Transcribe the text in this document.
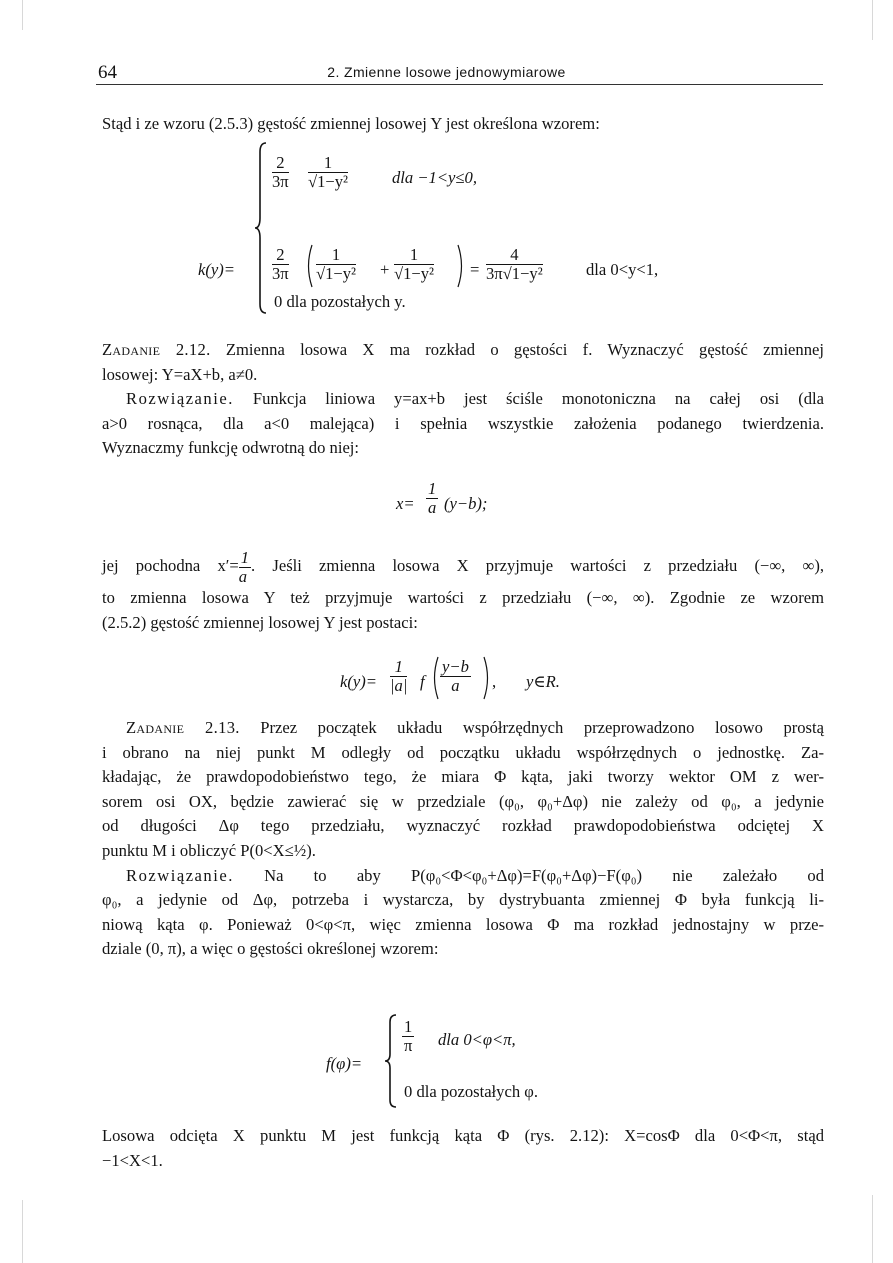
64	2. Zmienne losowe jednowymiarowe
Stąd i ze wzoru (2.5.3) gęstość zmiennej losowej Y jest określona wzorem:
k(y)=
$\frac{2}{3\pi} \frac{1}{\text{√1−y²}}$	dla −1<y≤0,
$\frac{2}{3\pi} \frac{1}{\text{√1−y²}} + \frac{1}{\text{√1−y²}} = \frac{4}{\text{3π√1−y²}}$	dla 0<y<1,
0 dla pozostałych y.
Zadanie 2.12. Zmienna losowa X ma rozkład o gęstości f. Wyznaczyć gęstość zmiennej
losowej: Y=aX+b, a≠0.
Rozwiązanie. Funkcja liniowa y=ax+b jest ściśle monotoniczna na całej osi (dla
a>0 rosnąca, dla a<0 malejąca) i spełnia wszystkie założenia podanego twierdzenia.
Wyznaczmy funkcję odwrotną do niej:
$x= \frac{1}{a} (y-b)$;
jej pochodna $x'= \frac{1}{a}$ . Jeśli zmienna losowa X przyjmuje wartości z przedziału (−∞, ∞),
to zmienna losowa Y też przyjmuje wartości z przedziału (−∞, ∞). Zgodnie ze wzorem
(2.5.2) gęstość zmiennej losowej Y jest postaci:
$k(y)= \frac{1}{|a|}$ f $\frac{y-b}{a}$ , y∈R.
Zadanie 2.13. Przez początek układu współrzędnych przeprowadzono losowo prostą
i obrano na niej punkt M odległy od początku układu współrzędnych o jednostkę. Za-
kładając, że prawdopodobieństwo tego, że miara Φ kąta, jaki tworzy wektor OM z wer-
sorem osi OX, będzie zawierać się w przedziale (φ₀, φ₀+Δφ) nie zależy od φ₀, a jedynie
od długości Δφ tego przedziału, wyznaczyć rozkład prawdopodobieństwa odciętej X
punktu M i obliczyć P(0<X≤½).
Rozwiązanie. Na to aby P(φ₀<Φ<φ₀+Δφ)=F(φ₀+Δφ)−F(φ₀) nie zależało od
φ₀, a jedynie od Δφ, potrzeba i wystarcza, by dystrybuanta zmiennej Φ była funkcją li-
niową kąta φ. Ponieważ 0<φ<π, więc zmienna losowa Φ ma rozkład jednostajny w prze-
dziale (0, π), a więc o gęstości określonej wzorem:
f(φ)=
$\frac{1}{\pi}$ dla 0<φ<π,
0 dla pozostałych φ.
Losowa odcięta X punktu M jest funkcją kąta Φ (rys. 2.12): X=cosΦ dla 0<Φ<π, stąd
−1<X<1.
